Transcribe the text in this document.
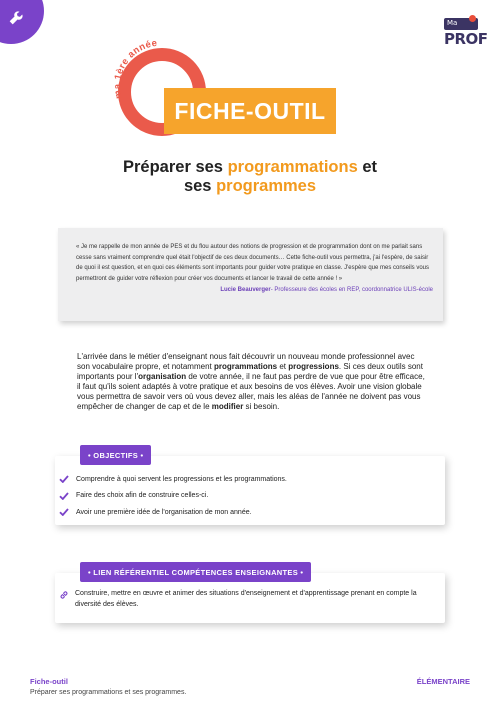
Ma
PROF
ma 1ère année
FICHE-OUTIL
Préparer ses programmations et
ses programmes

« Je me rappelle de mon année de PES et du flou autour des notions de progression et de programmation dont on me parlait sans cesse sans vraiment comprendre quel était l'objectif de ces deux documents… Cette fiche-outil vous permettra, j'ai l'espère, de saisir de quoi il est question, et en quoi ces éléments sont importants pour guider votre pratique en classe. J'espère que mes conseils vous permettront de guider votre réflexion pour créer vos documents et lancer le travail de cette année ! »

Lucie Beauverger- Professeure des écoles en REP, coordonnatrice ULIS-école
L'arrivée dans le métier d'enseignant nous fait découvrir un nouveau monde professionnel avec son vocabulaire propre, et notamment programmations et progressions. Si ces deux outils sont importants pour l'organisation de votre année, il ne faut pas perdre de vue que pour être efficace, il faut qu'ils soient adaptés à votre pratique et aux besoins de vos élèves. Avoir une vision globale vous permettra de savoir vers où vous devez aller, mais les aléas de l'année ne doivent pas vous empêcher de changer de cap et de le modifier si besoin.
• OBJECTIFS •
Comprendre à quoi servent les progressions et les programmations.
Faire des choix afin de construire celles-ci.
Avoir une première idée de l'organisation de mon année.
• LIEN RÉFÉRENTIEL COMPÉTENCES ENSEIGNANTES •
Construire, mettre en œuvre et animer des situations d'enseignement et d'apprentissage prenant en compte la diversité des élèves.
Fiche-outil
Préparer ses programmations et ses programmes.
ÉLÉMENTAIRE
